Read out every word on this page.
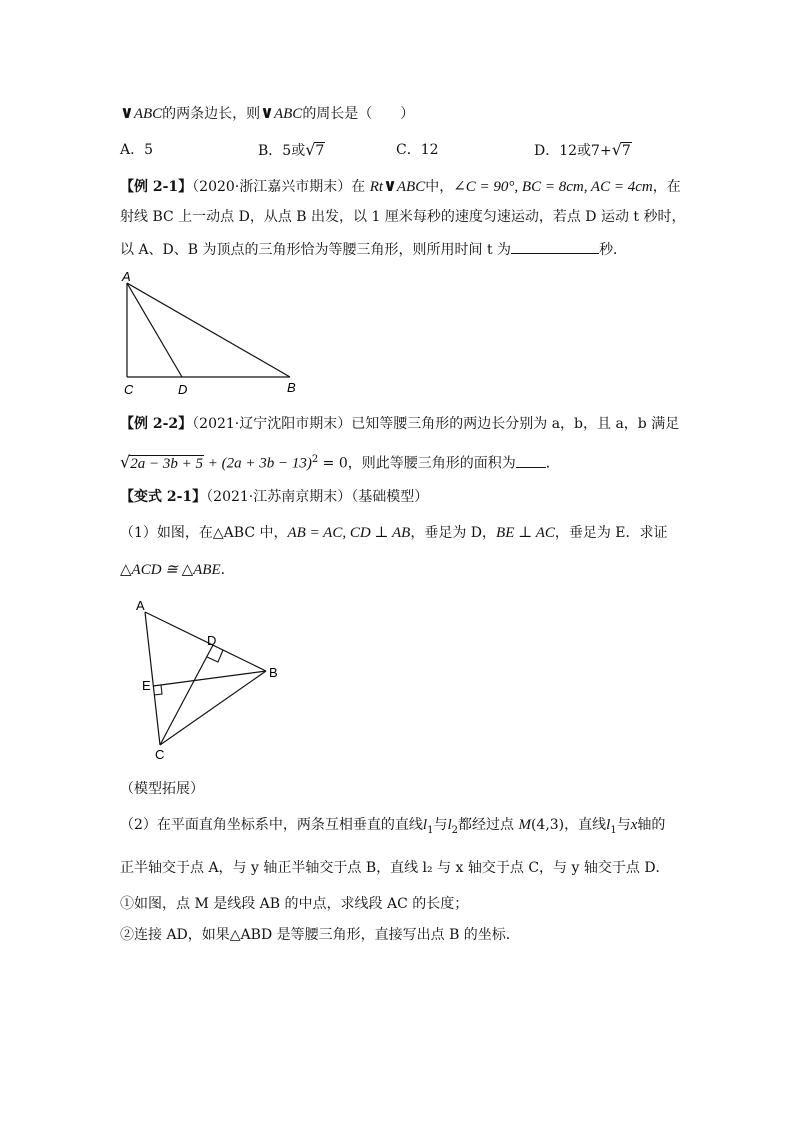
∨ABC的两条边长，则∨ABC的周长是（　　）
A．5	B．5或√7	C．12	D．12或7+√7
【例 2-1】（2020·浙江嘉兴市期末）在 Rt∨ABC中，∠C = 90°, BC = 8cm, AC = 4cm，在
射线 BC 上一动点 D，从点 B 出发，以 1 厘米每秒的速度匀速运动，若点 D 运动 t 秒时，
以 A、D、B 为顶点的三角形恰为等腰三角形，则所用时间 t 为	秒．
A
C	D	B
【例 2-2】（2021·辽宁沈阳市期末）已知等腰三角形的两边长分别为 a，b，且 a，b 满足
$√2a - 3b + 5 + (2a + 3b - 13)^2 = 0$，则此等腰三角形的面积为 ．
【变式 2-1】（2021·江苏南京期末）（基础模型）
（1）如图，在△ABC 中，AB = AC, CD ⊥ AB，垂足为 D，BE ⊥ AC，垂足为 E．求证
△ACD ≅ △ABE．
A
D
B
E
C
（模型拓展）
（2）在平面直角坐标系中，两条互相垂直的直线$l_1$与$l_2$都经过点 M(4,3)，直线$l_1$与x轴的
正半轴交于点 A，与 y 轴正半轴交于点 B，直线 l₂ 与 x 轴交于点 C，与 y 轴交于点 D．
①如图，点 M 是线段 AB 的中点，求线段 AC 的长度；
②连接 AD，如果△ABD 是等腰三角形，直接写出点 B 的坐标．
